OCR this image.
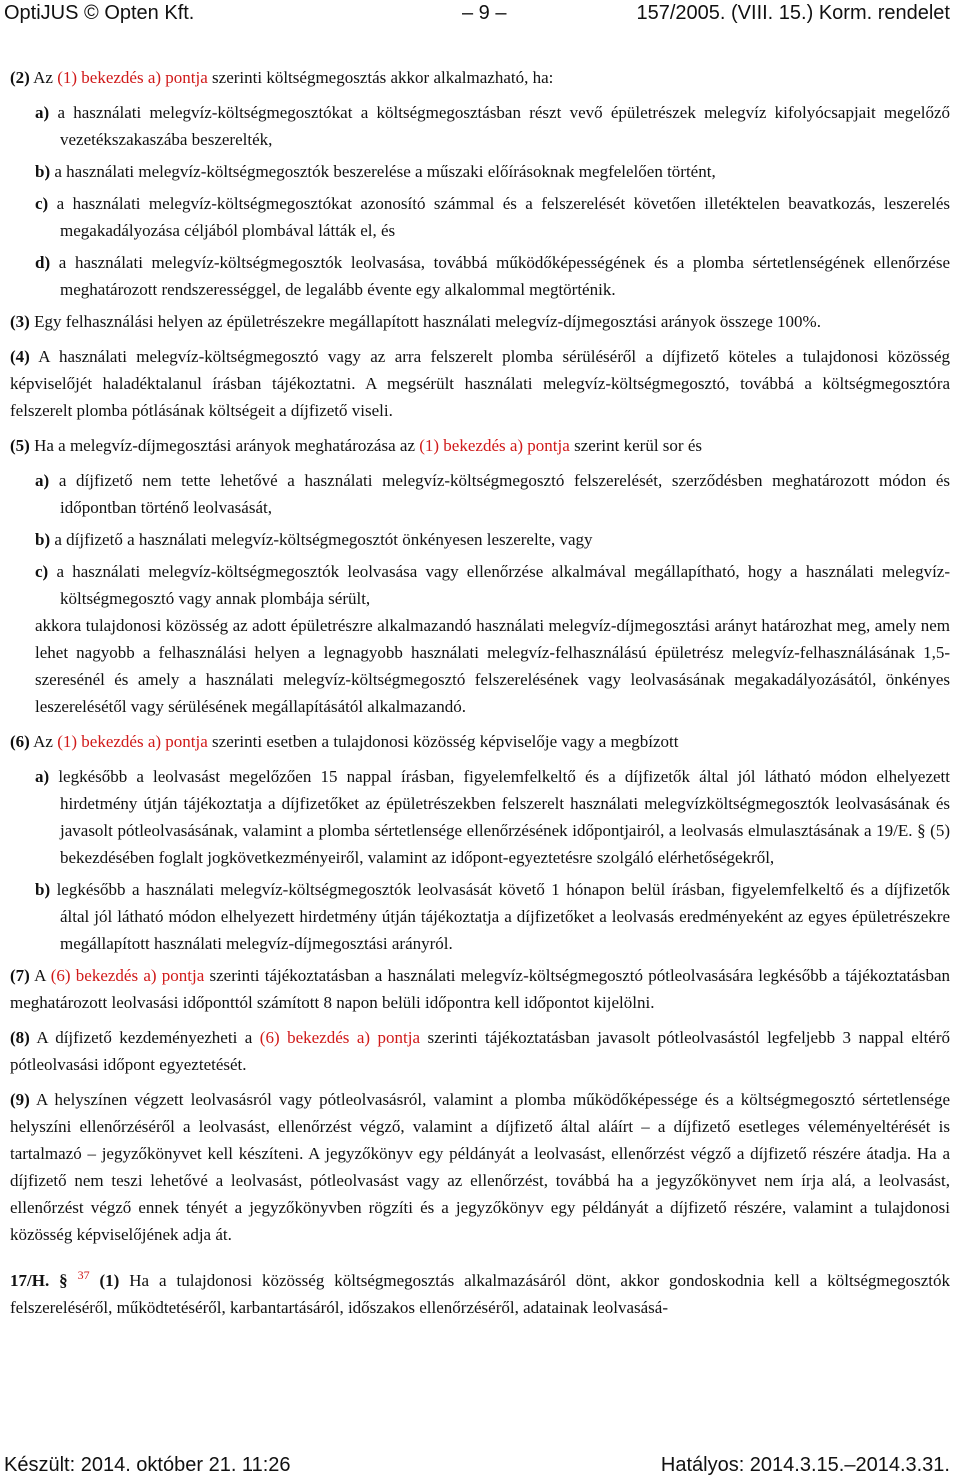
OptiJUS © Opten Kft.	– 9 –	157/2005. (VIII. 15.) Korm. rendelet

(2) Az (1) bekezdés a) pontja szerinti költségmegosztás akkor alkalmazható, ha:

a) a használati melegvíz-költségmegosztókat a költségmegosztásban részt vevő épületrészek melegvíz kifolyócsapjait megelőző vezetékszakaszába beszerelték,

b) a használati melegvíz-költségmegosztók beszerelése a műszaki előírásoknak megfelelően történt,

c) a használati melegvíz-költségmegosztókat azonosító számmal és a felszerelését követően illetéktelen beavatkozás, leszerelés megakadályozása céljából plombával látták el, és

d) a használati melegvíz-költségmegosztók leolvasása, továbbá működőképességének és a plomba sértetlenségének ellenőrzése meghatározott rendszerességgel, de legalább évente egy alkalommal megtörténik.

(3) Egy felhasználási helyen az épületrészekre megállapított használati melegvíz-díjmegosztási arányok összege 100%.

(4) A használati melegvíz-költségmegosztó vagy az arra felszerelt plomba sérüléséről a díjfizető köteles a tulajdonosi közösség képviselőjét haladéktalanul írásban tájékoztatni. A megsérült használati melegvíz-költségmegosztó, továbbá a költségmegosztóra felszerelt plomba pótlásának költségeit a díjfizető viseli.

(5) Ha a melegvíz-díjmegosztási arányok meghatározása az (1) bekezdés a) pontja szerint kerül sor és

a) a díjfizető nem tette lehetővé a használati melegvíz-költségmegosztó felszerelését, szerződésben meghatározott módon és időpontban történő leolvasását,

b) a díjfizető a használati melegvíz-költségmegosztót önkényesen leszerelte, vagy

c) a használati melegvíz-költségmegosztók leolvasása vagy ellenőrzése alkalmával megállapítható, hogy a használati melegvíz-költségmegosztó vagy annak plombája sérült,

akkora tulajdonosi közösség az adott épületrészre alkalmazandó használati melegvíz-díjmegosztási arányt határozhat meg, amely nem lehet nagyobb a felhasználási helyen a legnagyobb használati melegvíz-felhasználású épületrész melegvíz-felhasználásának 1,5-szeresénél és amely a használati melegvíz-költségmegosztó felszerelésének vagy leolvasásának megakadályozásától, önkényes leszerelésétől vagy sérülésének megállapításától alkalmazandó.

(6) Az (1) bekezdés a) pontja szerinti esetben a tulajdonosi közösség képviselője vagy a megbízott

a) legkésőbb a leolvasást megelőzően 15 nappal írásban, figyelemfelkeltő és a díjfizetők által jól látható módon elhelyezett hirdetmény útján tájékoztatja a díjfizetőket az épületrészekben felszerelt használati melegvízköltségmegosztók leolvasásának és javasolt pótleolvasásának, valamint a plomba sértetlensége ellenőrzésének időpontjairól, a leolvasás elmulasztásának a 19/E. § (5) bekezdésében foglalt jogkövetkezményeiről, valamint az időpont-egyeztetésre szolgáló elérhetőségekről,

b) legkésőbb a használati melegvíz-költségmegosztók leolvasását követő 1 hónapon belül írásban, figyelemfelkeltő és a díjfizetők által jól látható módon elhelyezett hirdetmény útján tájékoztatja a díjfizetőket a leolvasás eredményeként az egyes épületrészekre megállapított használati melegvíz-díjmegosztási arányról.

(7) A (6) bekezdés a) pontja szerinti tájékoztatásban a használati melegvíz-költségmegosztó pótleolvasására legkésőbb a tájékoztatásban meghatározott leolvasási időponttól számított 8 napon belüli időpontra kell időpontot kijelölni.

(8) A díjfizető kezdeményezheti a (6) bekezdés a) pontja szerinti tájékoztatásban javasolt pótleolvasástól legfeljebb 3 nappal eltérő pótleolvasási időpont egyeztetését.

(9) A helyszínen végzett leolvasásról vagy pótleolvasásról, valamint a plomba működőképessége és a költségmegosztó sértetlensége helyszíni ellenőrzéséről a leolvasást, ellenőrzést végző, valamint a díjfizető által aláírt – a díjfizető esetleges véleményeltérését is tartalmazó – jegyzőkönyvet kell készíteni. A jegyzőkönyv egy példányát a leolvasást, ellenőrzést végző a díjfizető részére átadja. Ha a díjfizető nem teszi lehetővé a leolvasást, pótleolvasást vagy az ellenőrzést, továbbá ha a jegyzőkönyvet nem írja alá, a leolvasást, ellenőrzést végző ennek tényét a jegyzőkönyvben rögzíti és a jegyzőkönyv egy példányát a díjfizető részére, valamint a tulajdonosi közösség képviselőjének adja át.

17/H. § $^{37}$ (1) Ha a tulajdonosi közösség költségmegosztás alkalmazásáról dönt, akkor gondoskodnia kell a költségmegosztók felszereléséről, működtetéséről, karbantartásáról, időszakos ellenőrzéséről, adatainak leolvasásá-

Készült: 2014. október 21. 11:26	Hatályos: 2014.3.15.–2014.3.31.
